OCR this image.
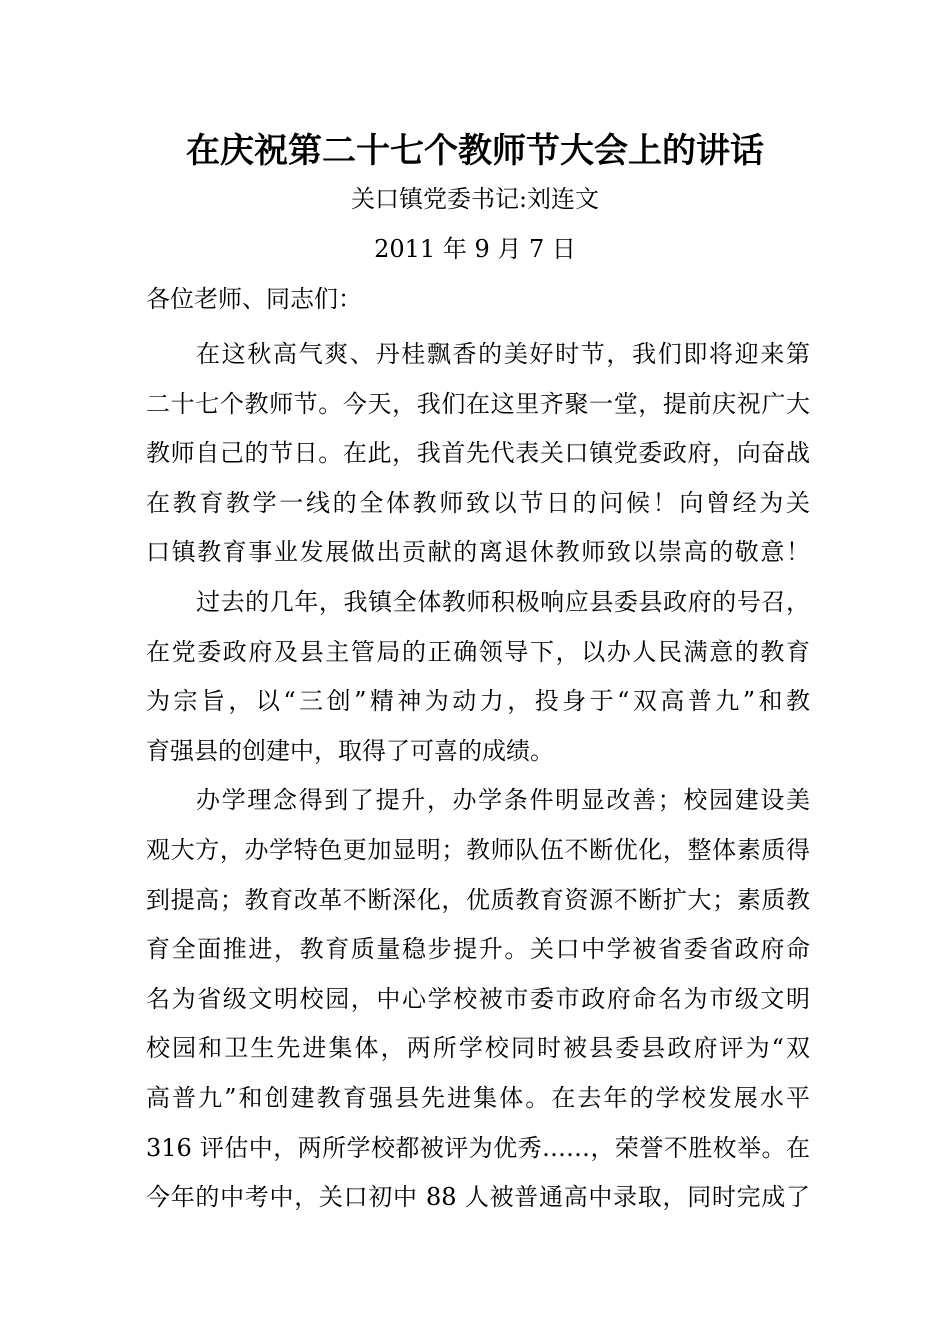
在庆祝第二十七个教师节大会上的讲话
关口镇党委书记:刘连文
2011 年 9 月 7 日
各位老师、同志们：
在这秋高气爽、丹桂飘香的美好时节，我们即将迎来第
二十七个教师节。今天，我们在这里齐聚一堂，提前庆祝广大
教师自己的节日。在此，我首先代表关口镇党委政府，向奋战
在教育教学一线的全体教师致以节日的问候！向曾经为关
口镇教育事业发展做出贡献的离退休教师致以崇高的敬意！
过去的几年，我镇全体教师积极响应县委县政府的号召，
在党委政府及县主管局的正确领导下，以办人民满意的教育
为宗旨，以“三创”精神为动力，投身于“双高普九”和教
育强县的创建中，取得了可喜的成绩。
办学理念得到了提升，办学条件明显改善；校园建设美
观大方，办学特色更加显明；教师队伍不断优化，整体素质得
到提高；教育改革不断深化，优质教育资源不断扩大；素质教
育全面推进，教育质量稳步提升。关口中学被省委省政府命
名为省级文明校园，中心学校被市委市政府命名为市级文明
校园和卫生先进集体，两所学校同时被县委县政府评为“双
高普九”和创建教育强县先进集体。在去年的学校发展水平
316 评估中，两所学校都被评为优秀……，荣誉不胜枚举。在
今年的中考中，关口初中 88 人被普通高中录取，同时完成了
